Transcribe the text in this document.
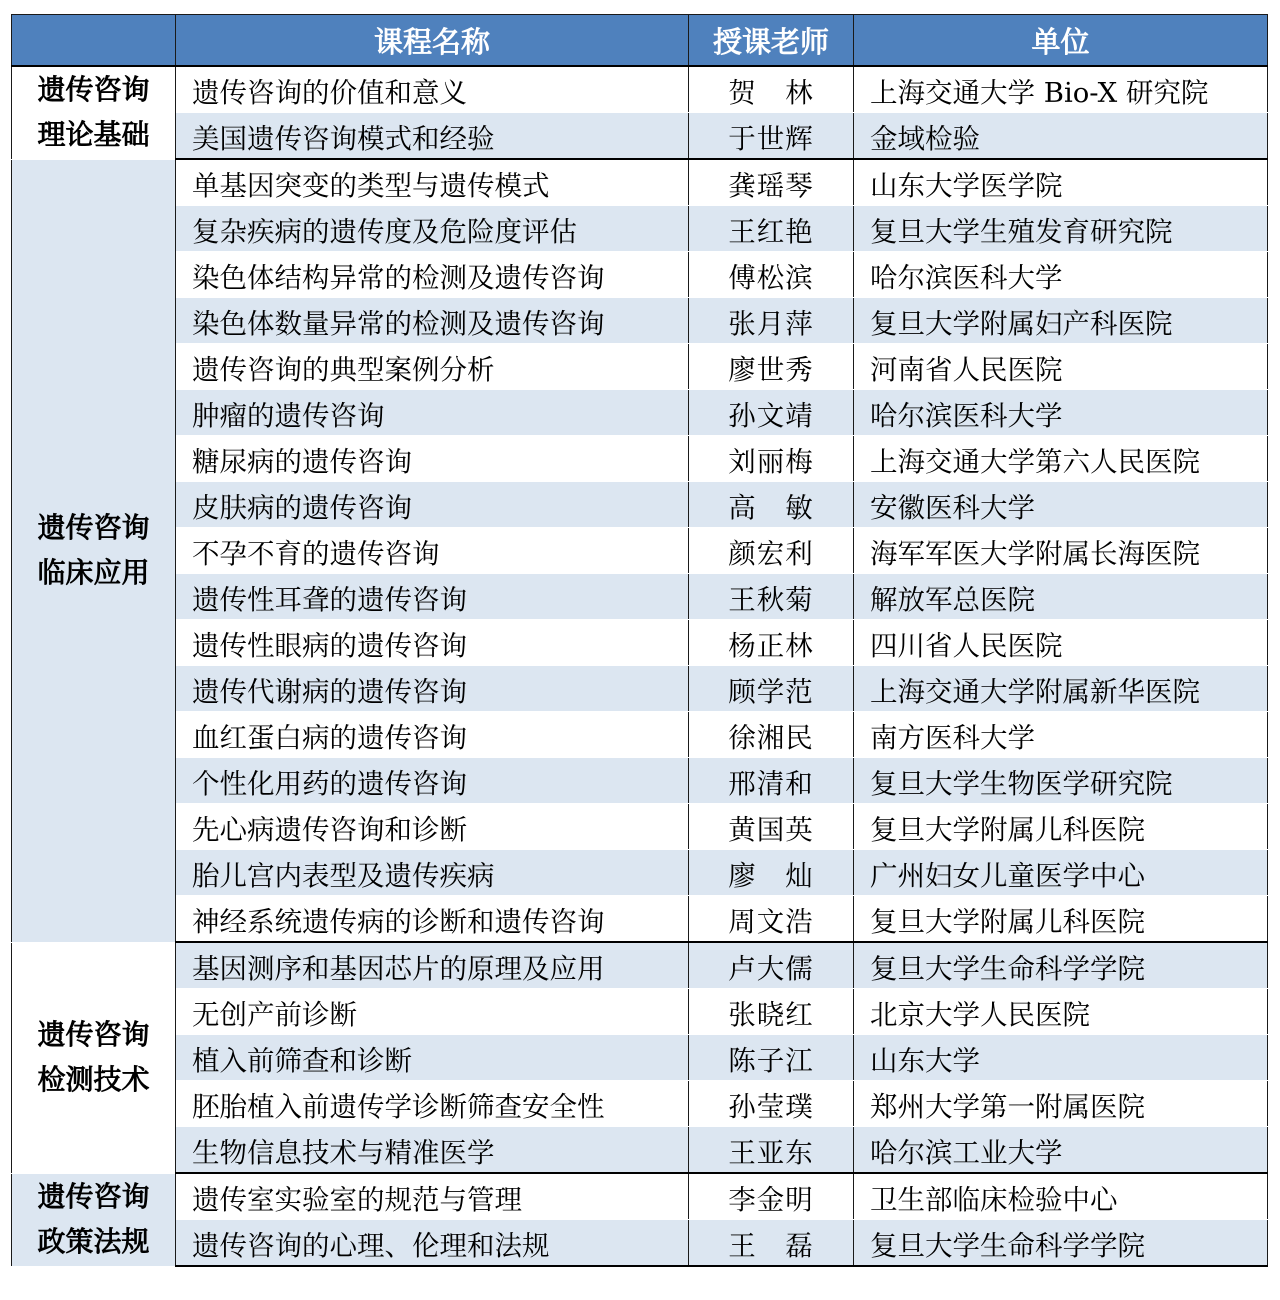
	课程名称	授课老师	单位

遗传咨询
理论基础	遗传咨询的价值和意义	贺　林	上海交通大学 Bio-X 研究院
	美国遗传咨询模式和经验	于世辉	金域检验

遗传咨询
临床应用	单基因突变的类型与遗传模式	龚瑶琴	山东大学医学院
	复杂疾病的遗传度及危险度评估	王红艳	复旦大学生殖发育研究院
	染色体结构异常的检测及遗传咨询	傅松滨	哈尔滨医科大学
	染色体数量异常的检测及遗传咨询	张月萍	复旦大学附属妇产科医院
	遗传咨询的典型案例分析	廖世秀	河南省人民医院
	肿瘤的遗传咨询	孙文靖	哈尔滨医科大学
	糖尿病的遗传咨询	刘丽梅	上海交通大学第六人民医院
	皮肤病的遗传咨询	高　敏	安徽医科大学
	不孕不育的遗传咨询	颜宏利	海军军医大学附属长海医院
	遗传性耳聋的遗传咨询	王秋菊	解放军总医院
	遗传性眼病的遗传咨询	杨正林	四川省人民医院
	遗传代谢病的遗传咨询	顾学范	上海交通大学附属新华医院
	血红蛋白病的遗传咨询	徐湘民	南方医科大学
	个性化用药的遗传咨询	邢清和	复旦大学生物医学研究院
	先心病遗传咨询和诊断	黄国英	复旦大学附属儿科医院
	胎儿宫内表型及遗传疾病	廖　灿	广州妇女儿童医学中心
	神经系统遗传病的诊断和遗传咨询	周文浩	复旦大学附属儿科医院

遗传咨询
检测技术	基因测序和基因芯片的原理及应用	卢大儒	复旦大学生命科学学院
	无创产前诊断	张晓红	北京大学人民医院
	植入前筛查和诊断	陈子江	山东大学
	胚胎植入前遗传学诊断筛查安全性	孙莹璞	郑州大学第一附属医院
	生物信息技术与精准医学	王亚东	哈尔滨工业大学

遗传咨询
政策法规	遗传室实验室的规范与管理	李金明	卫生部临床检验中心
	遗传咨询的心理、伦理和法规	王　磊	复旦大学生命科学学院
